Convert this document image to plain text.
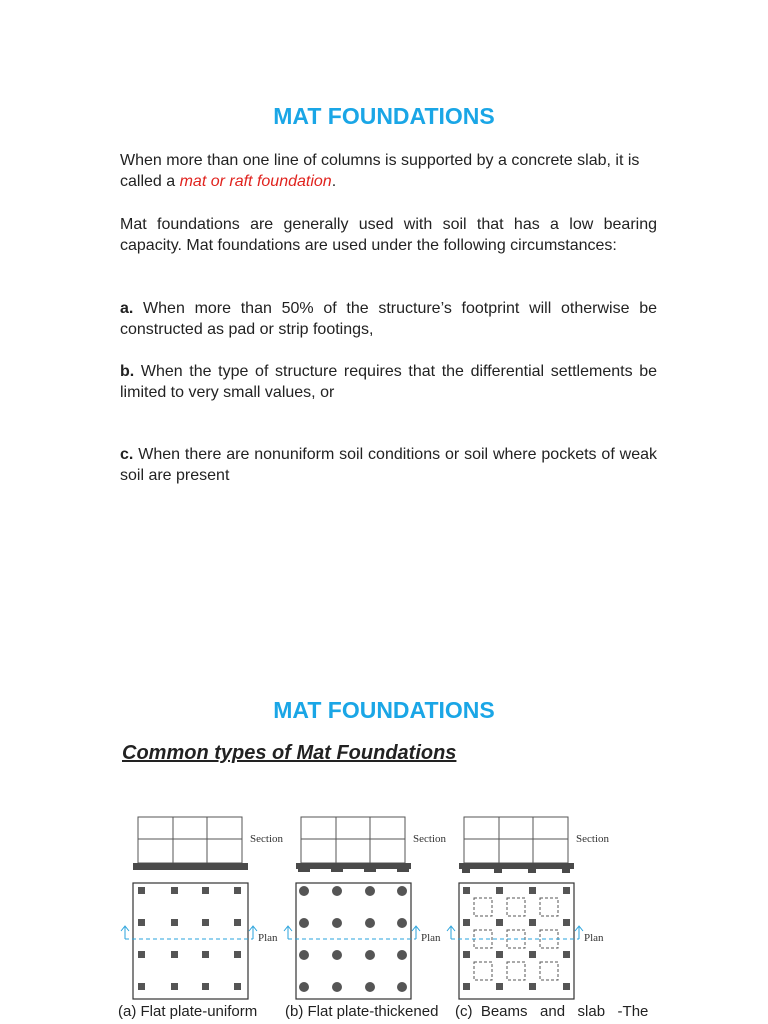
MAT FOUNDATIONS
When more than one line of columns is supported by a concrete slab, it is called a mat or raft foundation.
Mat foundations are generally used with soil that has a low bearing capacity. Mat foundations are used under the following circumstances:
a. When more than 50% of the structure’s footprint will otherwise be constructed as pad or strip footings,
b. When the type of structure requires that the differential settlements be limited to very small values, or
c. When there are nonuniform soil conditions or soil where pockets of weak soil are present
MAT FOUNDATIONS
Common types of Mat Foundations
Section
Plan
Section
Plan
Section
Plan
(a) Flat plate-uniform (b) Flat plate-thickened (c)  Beams   and   slab   -The
